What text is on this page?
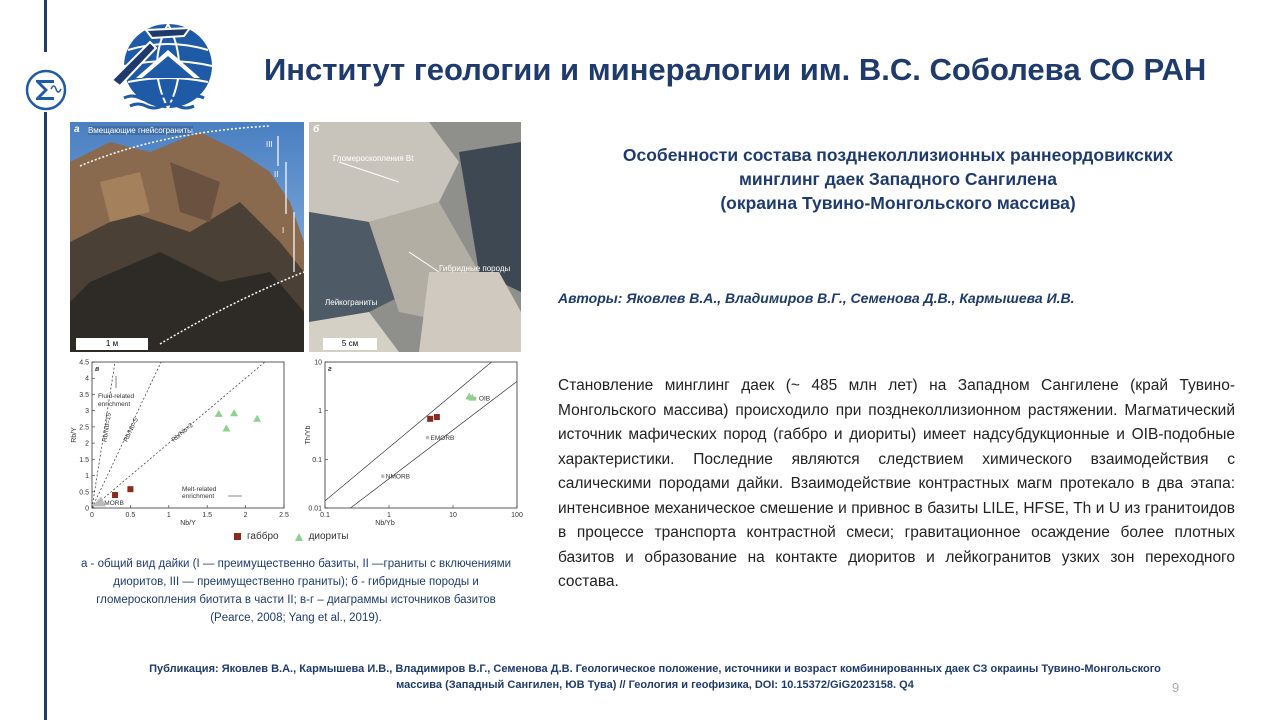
Институт геологии и минералогии им. В.С. Соболева СО РАН
а Вмещающие гнейсограниты
III
II
I
1 м
б
Гломероскопления Bt
Гибридные породы
Лейкограниты
5 см
0	0.5	1	1.5	2	2.5
0
0.5
1
1.5
2
2.5
3
3.5
4
4.5
Nb/Y
Rb/Y	Rb/Nb=15 Rb/Nb=5	Rb/Nb=2
Fluid-related
enrichment
Melt-related
enrichment
MORB
в
0.1	1	10	100
0.01
0.1
1
10
Nb/Yb
Th/Yb
NMORB
EMORB
OIB
г
габбро	диориты
а - общий вид дайки (I — преимущественно базиты, II —граниты с включениями диоритов, III — преимущественно граниты); б - гибридные породы и гломероскопления биотита в части II; в-г – диаграммы источников базитов (Pearce, 2008; Yang et al., 2019).
Особенности состава позднеколлизионных раннеордовикских
минглинг даек Западного Сангилена
(окраина Тувино-Монгольского массива)
Авторы: Яковлев В.А., Владимиров В.Г., Семенова Д.В., Кармышева И.В.
Становление минглинг даек (~ 485 млн лет) на Западном Сангилене (край Тувино-Монгольского массива) происходило при позднеколлизионном растяжении. Магматический источник мафических пород (габбро и диориты) имеет надсубдукционные и OIB-подобные характеристики. Последние являются следствием химического взаимодействия с салическими породами дайки. Взаимодействие контрастных магм протекало в два этапа: интенсивное механическое смешение и привнос в базиты LILE, HFSE, Th и U из гранитоидов в процессе транспорта контрастной смеси; гравитационное осаждение более плотных базитов и образование на контакте диоритов и лейкогранитов узких зон переходного состава.
Публикация: Яковлев В.А., Кармышева И.В., Владимиров В.Г., Семенова Д.В. Геологическое положение, источники и возраст комбинированных даек СЗ окраины Тувино-Монгольского
массива (Западный Сангилен, ЮВ Тува) // Геология и геофизика, DOI: 10.15372/GiG2023158. Q4	9
